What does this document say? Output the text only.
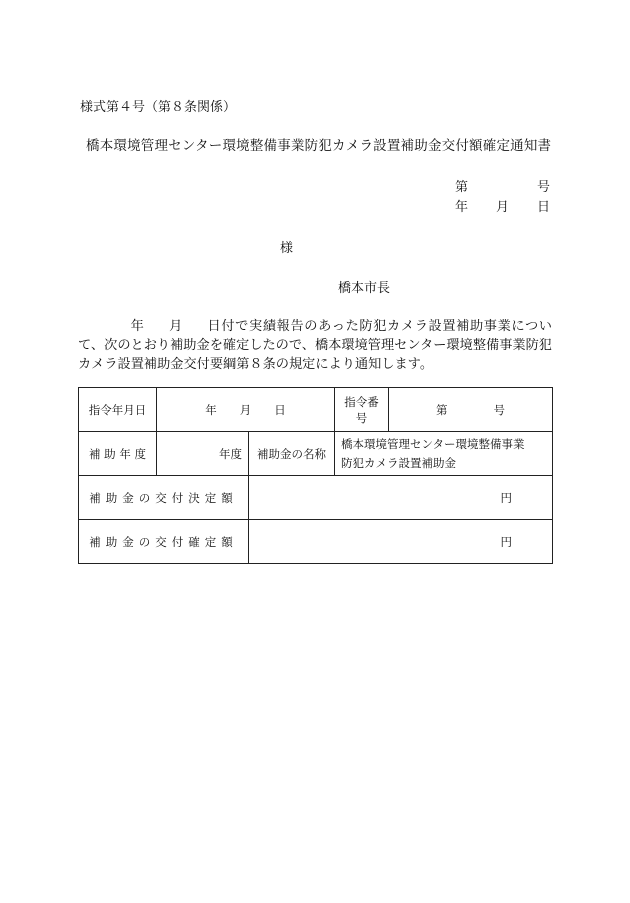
様式第４号（第８条関係）
橋本環境管理センター環境整備事業防犯カメラ設置補助金交付額確定通知書
第	号
年 月 日
様
橋本市長

年 月 日付で実績報告のあった防犯カメラ設置補助事業について、次のとおり補助金を確定したので、橋本環境管理センター環境整備事業防犯カメラ設置補助金交付要綱第８条の規定により通知します。

指令年月日	年　　月　　日		指令番号	第　　　　号
補 助 年 度	年度	補助金の名称	橋本環境管理センター環境整備事業
防犯カメラ設置補助金	

補助金の交付決定額		円		
補助金の交付確定額		円		
